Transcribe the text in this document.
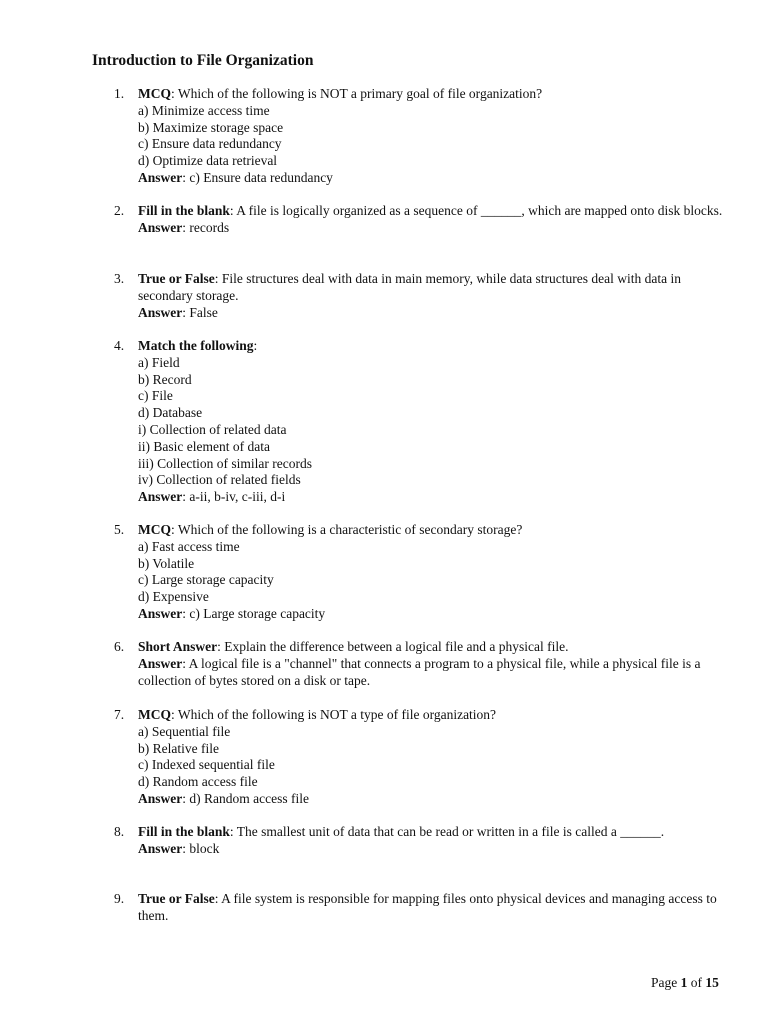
Introduction to File Organization
1.	MCQ: Which of the following is NOT a primary goal of file organization?
a) Minimize access time
b) Maximize storage space
c) Ensure data redundancy
d) Optimize data retrieval
Answer: c) Ensure data redundancy
2.	Fill in the blank: A file is logically organized as a sequence of ______, which are mapped onto disk blocks.
Answer: records
3.	True or False: File structures deal with data in main memory, while data structures deal with data in secondary storage.
Answer: False
4.	Match the following:
a) Field
b) Record
c) File
d) Database
i) Collection of related data
ii) Basic element of data
iii) Collection of similar records
iv) Collection of related fields
Answer: a-ii, b-iv, c-iii, d-i
5.	MCQ: Which of the following is a characteristic of secondary storage?
a) Fast access time
b) Volatile
c) Large storage capacity
d) Expensive
Answer: c) Large storage capacity
6.	Short Answer: Explain the difference between a logical file and a physical file.
Answer: A logical file is a "channel" that connects a program to a physical file, while a physical file is a collection of bytes stored on a disk or tape.
7.	MCQ: Which of the following is NOT a type of file organization?
a) Sequential file
b) Relative file
c) Indexed sequential file
d) Random access file
Answer: d) Random access file
8.	Fill in the blank: The smallest unit of data that can be read or written in a file is called a ______.
Answer: block
9.	True or False: A file system is responsible for mapping files onto physical devices and managing access to them.
Page 1 of 15
